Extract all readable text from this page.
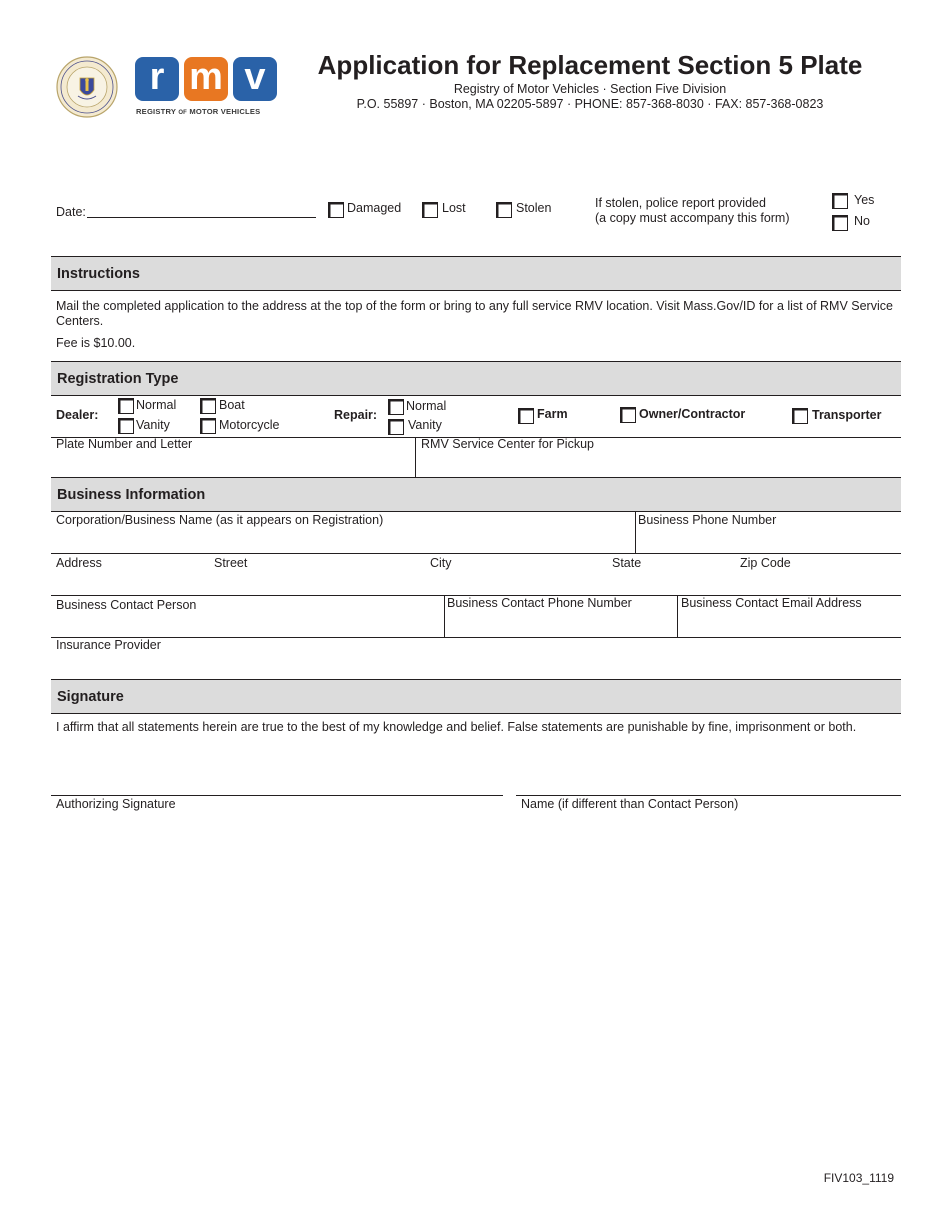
r m v
REGISTRY OF MOTOR VEHICLES
Application for Replacement Section 5 Plate
Registry of Motor Vehicles · Section Five Division
P.O. 55897 · Boston, MA 02205-5897 · PHONE: 857-368-8030 · FAX: 857-368-0823
Date:	Damaged	Lost	Stolen	If stolen, police report provided
(a copy must accompany this form)
Yes
No
Instructions
Mail the completed application to the address at the top of the form or bring to any full service RMV location. Visit Mass.Gov/ID for a list of RMV Service Centers.
Fee is $10.00.
Registration Type
Dealer:
Normal	Boat
Vanity	Motorcycle
Repair:
Normal
Vanity
Farm	Owner/Contractor	Transporter
Plate Number and Letter	RMV Service Center for Pickup
Business Information
Corporation/Business Name (as it appears on Registration)	Business Phone Number
Address	Street	City	State	Zip Code
Business Contact Person	Business Contact Phone Number	Business Contact Email Address
Insurance Provider
Signature
I affirm that all statements herein are true to the best of my knowledge and belief. False statements are punishable by fine, imprisonment or both.
Authorizing Signature	Name (if different than Contact Person)
FIV103_1119
